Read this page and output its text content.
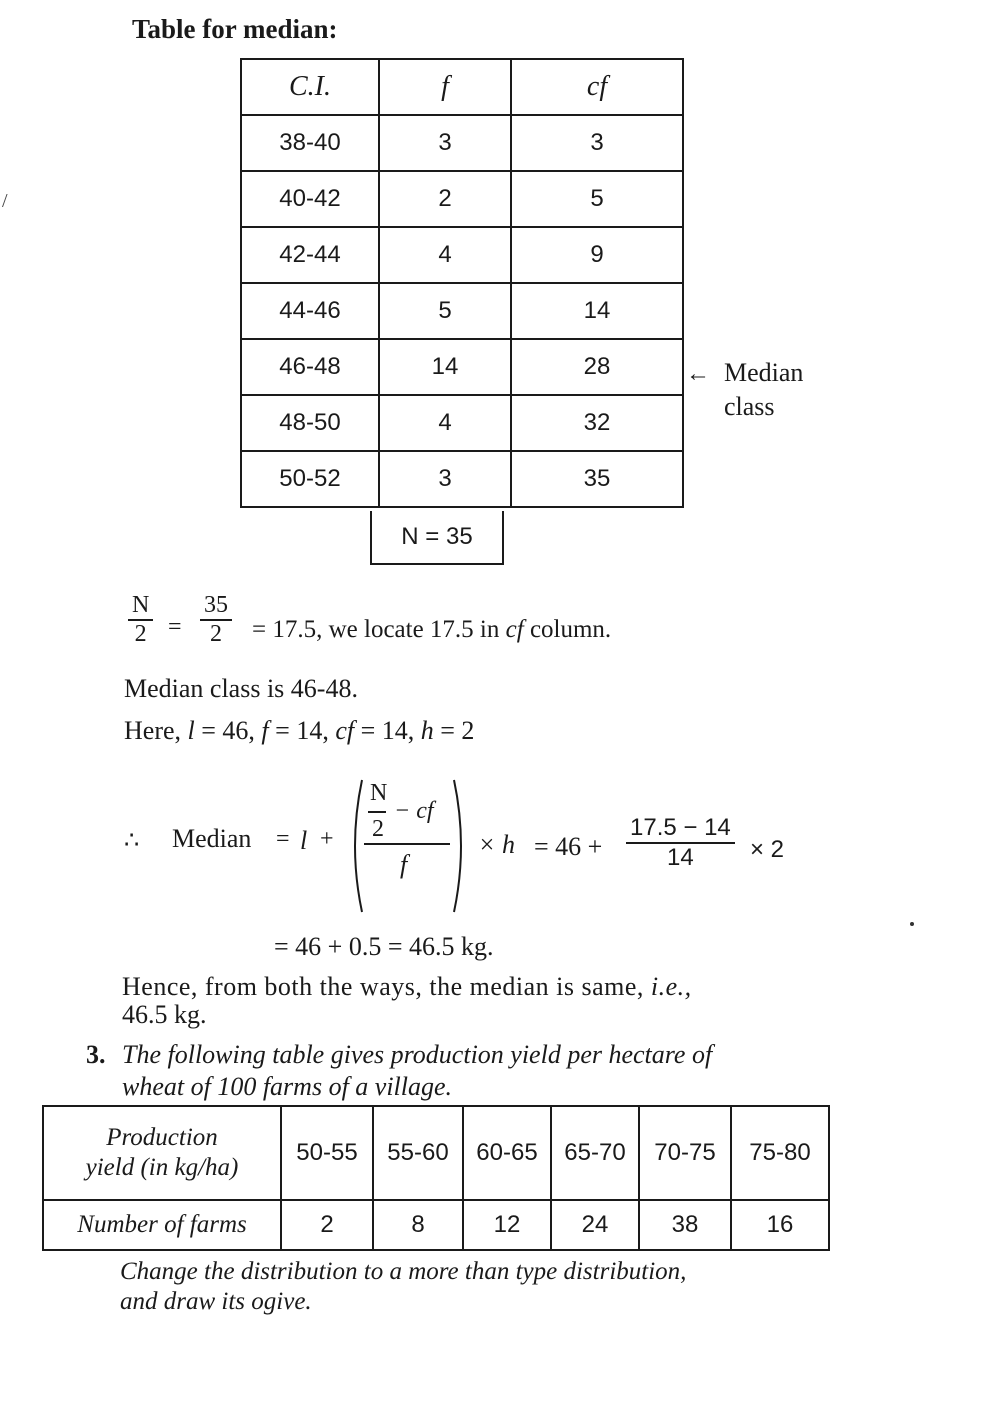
/
Table for median:
C.I.	f	cf
38-40	3	3
40-42	2	5
42-44	4	9
44-46	5	14
46-48	14	28
48-50	4	32
50-52	3	35
N = 35
← Median
class
$\frac{N}{2} = \frac{35}{2} = 17.5$, we locate 17.5 in cf column.
Median class is 46-48.
Here, l = 46, f = 14, cf = 14, h = 2
∴ Median = l +
N
2
− cf
f
× $h = 46 + \frac{17.5 - 14}{14} \times 2$
= 46 + 0.5 = 46.5 kg.
Hence, from both the ways, the median is same, i.e.,
46.5 kg.
3. The following table gives production yield per hectare of
wheat of 100 farms of a village.
Production
yield (in kg/ha)	50-55	55-60	60-65	65-70	70-75	75-80
Number of farms	2	8	12	24	38	16
Change the distribution to a more than type distribution,
and draw its ogive.
